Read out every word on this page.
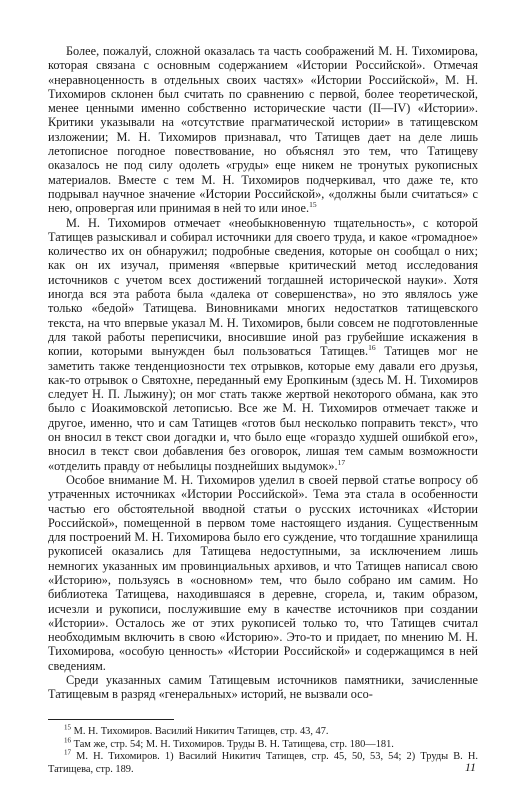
Более, пожалуй, сложной оказалась та часть соображений М. Н. Тихомирова, которая связана с основным содержанием «Истории Российской». Отмечая «неравноценность в отдельных своих частях» «Истории Российской», М. Н. Тихомиров склонен был считать по сравнению с первой, более теоретической, менее ценными именно собственно исторические части (II—IV) «Истории». Критики указывали на «отсутствие прагматической истории» в татищевском изложении; М. Н. Тихомиров признавал, что Татищев дает на деле лишь летописное погодное повествование, но объяснял это тем, что Татищеву оказалось не под силу одолеть «груды» еще никем не тронутых рукописных материалов. Вместе с тем М. Н. Тихомиров подчеркивал, что даже те, кто подрывал научное значение «Истории Российской», «должны были считаться» с нею, опровергая или принимая в ней то или иное.$^{15}$

М. Н. Тихомиров отмечает «необыкновенную тщательность», с которой Татищев разыскивал и собирал источники для своего труда, и какое «громадное» количество их он обнаружил; подробные сведения, которые он сообщал о них; как он их изучал, применяя «впервые критический метод исследования источников с учетом всех достижений тогдашней исторической науки». Хотя иногда вся эта работа была «далека от совершенства», но это являлось уже только «бедой» Татищева. Виновниками многих недостатков татищевского текста, на что впервые указал М. Н. Тихомиров, были совсем не подготовленные для такой работы переписчики, вносившие иной раз грубейшие искажения в копии, которыми вынужден был пользоваться Татищев.$^{16}$ Татищев мог не заметить также тенденциозности тех отрывков, которые ему давали его друзья, как-то отрывок о Святохне, переданный ему Еропкиным (здесь М. Н. Тихомиров следует Н. П. Лыжину); он мог стать также жертвой некоторого обмана, как это было с Иоакимовской летописью. Все же М. Н. Тихомиров отмечает также и другое, именно, что и сам Татищев «готов был несколько поправить текст», что он вносил в текст свои догадки и, что было еще «гораздо худшей ошибкой его», вносил в текст свои добавления без оговорок, лишая тем самым возможности «отделить правду от небылицы позднейших выдумок».$^{17}$

Особое внимание М. Н. Тихомиров уделил в своей первой статье вопросу об утраченных источниках «Истории Российской». Тема эта стала в особенности частью его обстоятельной вводной статьи о русских источниках «Истории Российской», помещенной в первом томе настоящего издания. Существенным для построений М. Н. Тихомирова было его суждение, что тогдашние хранилища рукописей оказались для Татищева недоступными, за исключением лишь немногих указанных им провинциальных архивов, и что Татищев написал свою «Историю», пользуясь в «основном» тем, что было собрано им самим. Но библиотека Татищева, находившаяся в деревне, сгорела, и, таким образом, исчезли и рукописи, послужившие ему в качестве источников при создании «Истории». Осталось же от этих рукописей только то, что Татищев считал необходимым включить в свою «Историю». Это-то и придает, по мнению М. Н. Тихомирова, «особую ценность» «Истории Российской» и содержащимся в ней сведениям.

Среди указанных самим Татищевым источников памятники, зачисленные Татищевым в разряд «генеральных» историй, не вызвали осо-

$^{15}$ М. Н. Тихомиров. Василий Никитич Татищев, стр. 43, 47.

$^{16}$ Там же, стр. 54; М. Н. Тихомиров. Труды В. Н. Татищева, стр. 180—181.

$^{17}$ М. Н. Тихомиров. 1) Василий Никитич Татищев, стр. 45, 50, 53, 54; 2) Труды В. Н. Татищева, стр. 189.	11
